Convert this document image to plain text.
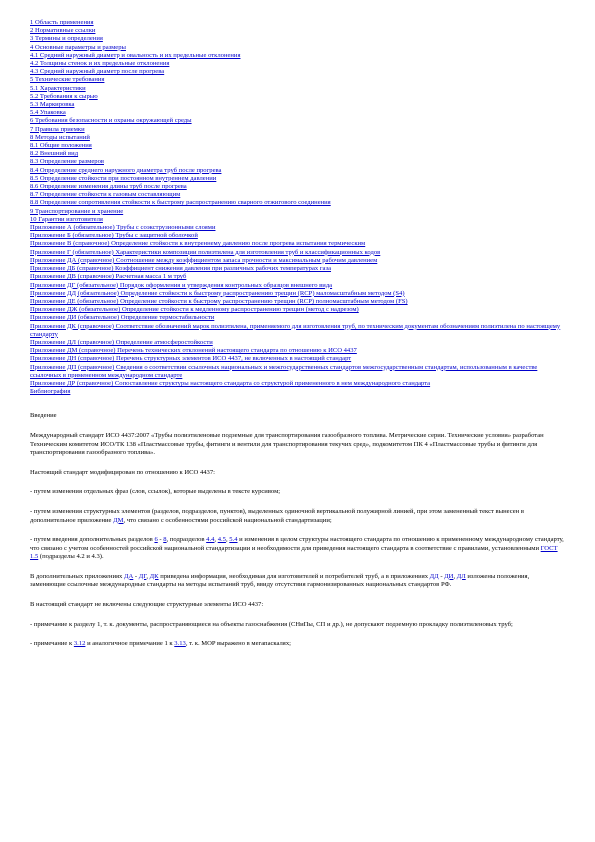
1 Область применения
2 Нормативные ссылки
3 Термины и определения
4 Основные параметры и размеры
4.1 Средний наружный диаметр и овальность и их предельные отклонения
4.2 Толщины стенок и их предельные отклонения
4.3 Средний наружный диаметр после прогрева
5 Технические требования
5.1 Характеристики
5.2 Требования к сырью
5.3 Маркировка
5.4 Упаковка
6 Требования безопасности и охраны окружающей среды
7 Правила приемки
8 Методы испытаний
8.1 Общие положения
8.2 Внешний вид
8.3 Определение размеров
8.4 Определение среднего наружного диаметра труб после прогрева
8.5 Определение стойкости при постоянном внутреннем давлении
8.6 Определение изменения длины труб после прогрева
8.7 Определение стойкости к газовым составляющим
8.8 Определение сопротивления стойкости к быстрому распространению сварного отжигового соединения
9 Транспортирование и хранение
10 Гарантии изготовителя
Приложение А (обязательное) Трубы с соэкструзионными слоями
Приложение Б (обязательное) Трубы с защитной оболочкой
Приложение В (справочное) Определение стойкости к внутреннему давлению после прогрева испытания термическим
Приложение Г (обязательное) Характеристики композиции полиэтилена для изготовления труб и классификационных кодов
Приложение ДА (справочное) Соотношение между коэффициентом запаса прочности и максимальным рабочим давлением
Приложение ДБ (справочное) Коэффициент снижения давления при различных рабочих температурах газа
Приложение ДВ (справочное) Расчетная масса 1 м труб
Приложение ДГ (обязательное) Порядок оформления и утверждения контрольных образцов внешнего вида
Приложение ДД (обязательное) Определение стойкости к быстрому распространению трещин (RCP) маломасштабным методом (S4)
Приложение ДЕ (обязательное) Определение стойкости к быстрому распространению трещин (RCP) полномасштабным методом (FS)
Приложение ДЖ (обязательное) Определение стойкости к медленному распространению трещин (метод с надрезом)
Приложение ДИ (обязательное) Определение термостабильности
Приложение ДК (справочное) Соответствие обозначений марок полиэтилена, применяемого для изготовления труб, по техническим документам обозначениям полиэтилена по настоящему стандарту
Приложение ДЛ (справочное) Определение атмосферостойкости
Приложение ДМ (справочное) Перечень технических отклонений настоящего стандарта по отношению к ИСО 4437
Приложение ДН (справочное) Перечень структурных элементов ИСО 4437, не включенных в настоящий стандарт
Приложение ДП (справочное) Сведения о соответствии ссылочных национальных и межгосударственных стандартов межгосударственным стандартам, использованным в качестве ссылочных в примененном международном стандарте
Приложение ДР (справочное) Сопоставление структуры настоящего стандарта со структурой примененного в нем международного стандарта
Библиография

Введение

Международный стандарт ИСО 4437:2007 «Трубы полиэтиленовые подземные для транспортирования газообразного топлива. Метрические серии. Технические условия» разработан Техническим комитетом ИСО/ТК 138 «Пластмассовые трубы, фитинги и вентили для транспортирования текучих сред», подкомитетом ПК 4 «Пластмассовые трубы и фитинги для транспортирования газообразного топлива».

Настоящий стандарт модифицирован по отношению к ИСО 4437:

- путем изменения отдельных фраз (слов, ссылок), которые выделены в тексте курсивом;

- путем изменения структурных элементов (разделов, подразделов, пунктов), выделенных одиночной вертикальной полужирной линией, при этом замененный текст вынесен в дополнительное приложение ДМ, что связано с особенностями российской национальной стандартизации;

- путем введения дополнительных разделов 6 - 8, подразделов 4.4, 4.5, 5.4 и изменения в целом структуры настоящего стандарта по отношению к примененному международному стандарту, что связано с учетом особенностей российской национальной стандартизации и необходимости для приведения настоящего стандарта в соответствие с правилами, установленными ГОСТ 1.5 (подразделы 4.2 и 4.3).

В дополнительных приложениях ДА - ДГ, ДК приведена информация, необходимая для изготовителей и потребителей труб, а в приложениях ДД - ДИ, ДЛ изложены положения, заменяющие ссылочные международные стандарты на методы испытаний труб, ввиду отсутствия гармонизированных национальных стандартов РФ.

В настоящий стандарт не включены следующие структурные элементы ИСО 4437:

- примечание к разделу 1, т. к. документы, распространяющиеся на объекты газоснабжения (СНиПы, СП и др.), не допускают подземную прокладку полиэтиленовых труб;

- примечание к 3.12 и аналогичное примечание 1 к 3.13, т. к. MOP выражено в мегапаскалях;
